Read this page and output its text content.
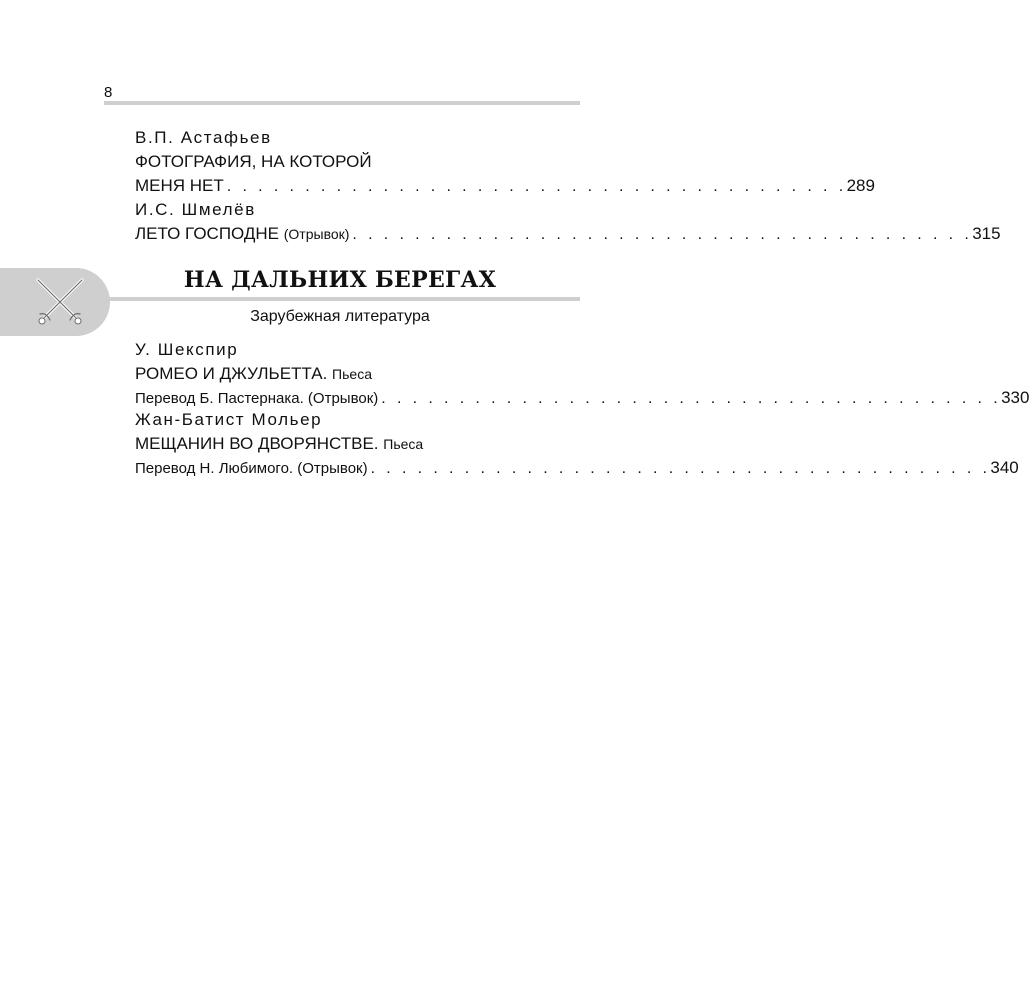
8
В.П. Астафьев
ФОТОГРАФИЯ, НА КОТОРОЙ
МЕНЯ НЕТ . . . . . . . . . . . . . . . . . . . . . . . . . . . . . . . . . . . . . . . . 289
И.С. Шмелёв
ЛЕТО ГОСПОДНЕ (Отрывок) . . . . . . . . . . . . . . . . . . . . . . . . . . . . . . . . . . . . . . . . 315
НА ДАЛЬНИХ БЕРЕГАХ
Зарубежная литература
У. Шекспир
РОМЕО И ДЖУЛЬЕТТА. Пьеса
Перевод Б. Пастернака. (Отрывок) . . . . . . . . . . . . . . . . . . . . . . . . . . . . . . . . . . . . . . . . 330
Жан-Батист Мольер
МЕЩАНИН ВО ДВОРЯНСТВЕ. Пьеса
Перевод Н. Любимого. (Отрывок) . . . . . . . . . . . . . . . . . . . . . . . . . . . . . . . . . . . . . . . . 340
